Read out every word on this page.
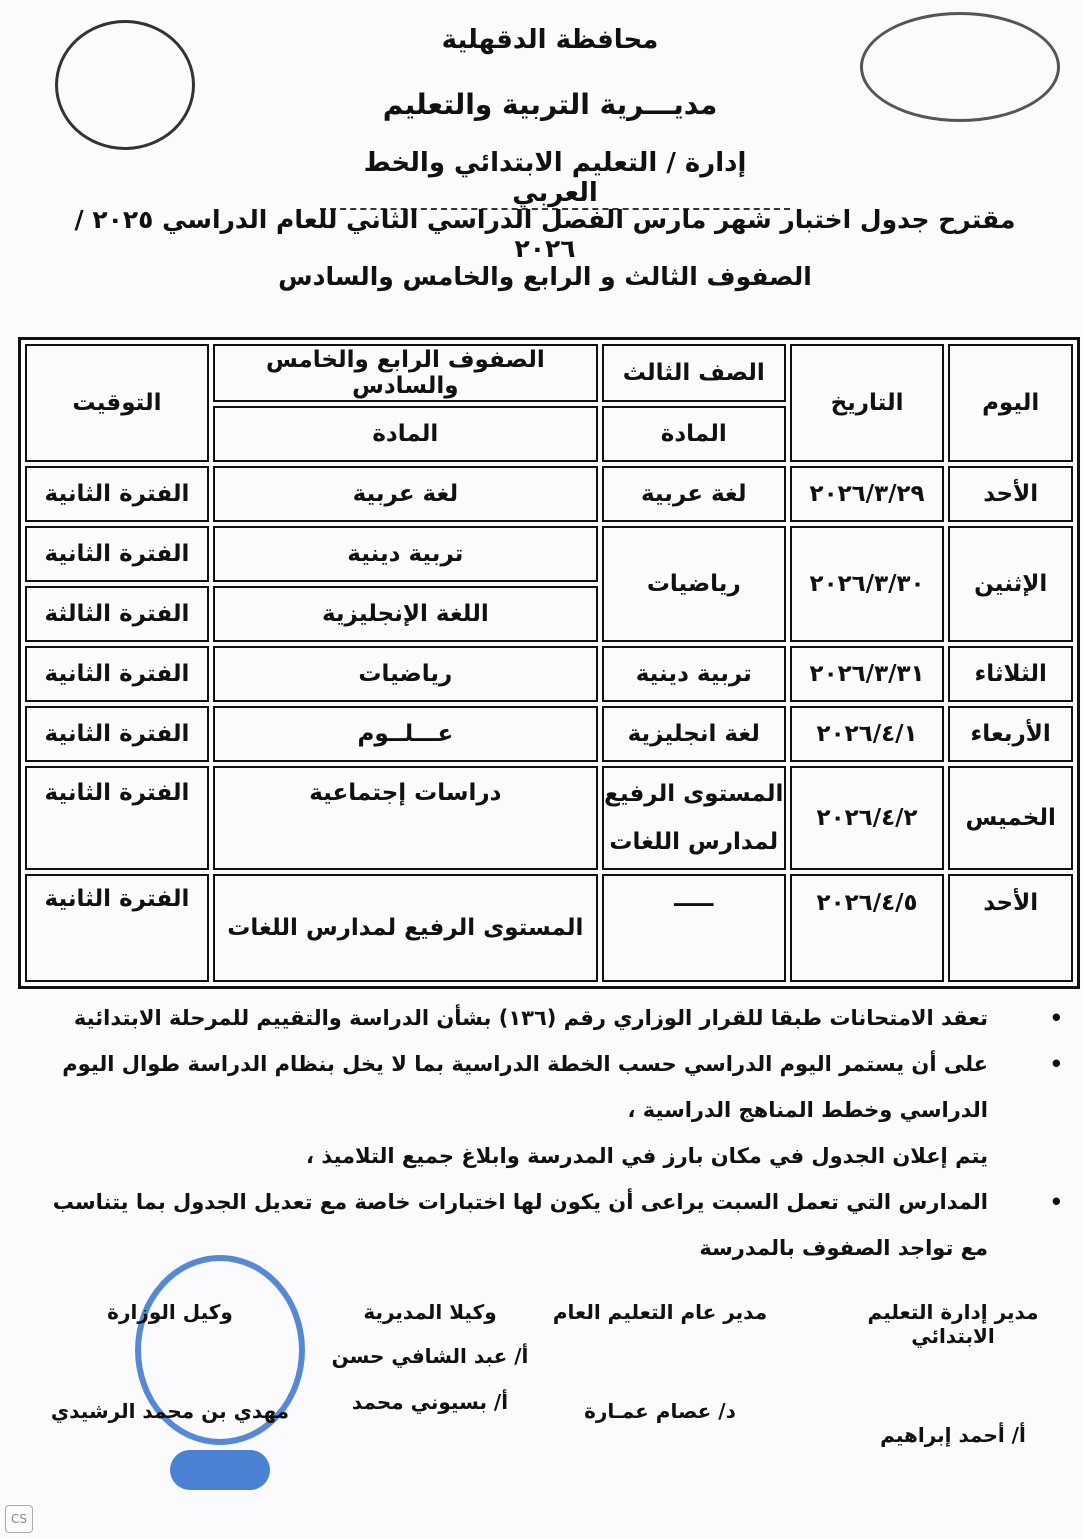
محافظة الدقهلية
مديـــرية التربية والتعليم
إدارة / التعليم الابتدائي والخط العربي
مقترح جدول اختبار شهر مارس الفصل الدراسي الثاني للعام الدراسي ٢٠٢٥ / ٢٠٢٦
الصفوف الثالث و الرابع والخامس والسادس
اليوم	التاريخ	الصف الثالث	الصفوف الرابع والخامس والسادس	التوقيت
		المادة	المادة	
الأحد	٢٠٢٦/٣/٢٩	لغة عربية	لغة عربية	الفترة الثانية
الإثنين	٢٠٢٦/٣/٣٠	رياضيات	تربية دينية	الفترة الثانية
			اللغة الإنجليزية	الفترة الثالثة
الثلاثاء	٢٠٢٦/٣/٣١	تربية دينية	رياضيات	الفترة الثانية
الأربعاء	٢٠٢٦/٤/١	لغة انجليزية	عـــلــوم	الفترة الثانية
الخميس	٢٠٢٦/٤/٢	المستوى الرفيع لمدارس اللغات	دراسات إجتماعية	الفترة الثانية
الأحد	٢٠٢٦/٤/٥	ـــــ	المستوى الرفيع لمدارس اللغات	الفترة الثانية
• تعقد الامتحانات طبقا للقرار الوزاري رقم (١٣٦) بشأن الدراسة والتقييم للمرحلة الابتدائية
• على أن يستمر اليوم الدراسي حسب الخطة الدراسية بما لا يخل بنظام الدراسة طوال اليوم الدراسي وخطط المناهج الدراسية ،
يتم إعلان الجدول في مكان بارز في المدرسة وابلاغ جميع التلاميذ ،
• المدارس التي تعمل السبت يراعى أن يكون لها اختبارات خاصة مع تعديل الجدول بما يتناسب مع تواجد الصفوف بالمدرسة
مدير إدارة التعليم الابتدائي
أ/ أحمد إبراهيم
مدير عام التعليم العام
د/ عصام عمـارة
وكيلا المديرية
أ/ عبد الشافي حسن
أ/ بسيوني محمد
وكيل الوزارة
مهدي بن محمد الرشيدي
CS
